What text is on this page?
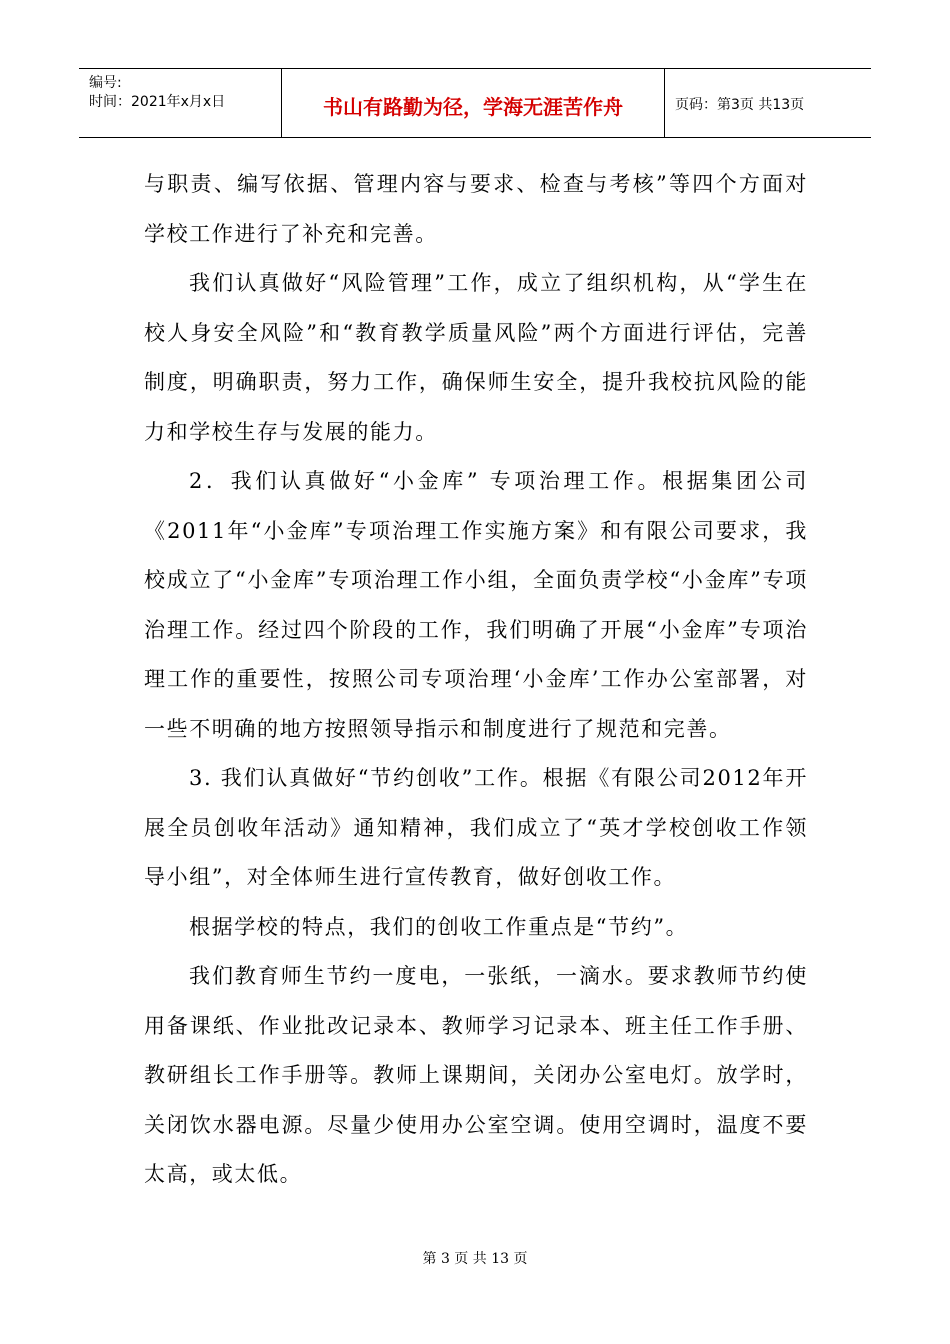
编号:
时间：2021年x月x日	书山有路勤为径，学海无涯苦作舟	页码：第3页 共13页

与职责、编写依据、管理内容与要求、检查与考核”等四个方面对学校工作进行了补充和完善。

我们认真做好“风险管理”工作，成立了组织机构，从“学生在校人身安全风险”和“教育教学质量风险”两个方面进行评估，完善制度，明确职责，努力工作，确保师生安全，提升我校抗风险的能力和学校生存与发展的能力。

2．我们认真做好“小金库” 专项治理工作。根据集团公司《2011年“小金库”专项治理工作实施方案》和有限公司要求，我校成立了“小金库”专项治理工作小组，全面负责学校“小金库”专项治理工作。经过四个阶段的工作，我们明确了开展“小金库”专项治理工作的重要性，按照公司专项治理‘小金库’工作办公室部署，对一些不明确的地方按照领导指示和制度进行了规范和完善。

3. 我们认真做好“节约创收”工作。根据《有限公司2012年开展全员创收年活动》通知精神，我们成立了“英才学校创收工作领导小组”，对全体师生进行宣传教育，做好创收工作。

根据学校的特点，我们的创收工作重点是“节约”。

我们教育师生节约一度电，一张纸，一滴水。要求教师节约使用备课纸、作业批改记录本、教师学习记录本、班主任工作手册、教研组长工作手册等。教师上课期间，关闭办公室电灯。放学时，关闭饮水器电源。尽量少使用办公室空调。使用空调时，温度不要太高，或太低。

第 3 页 共 13 页
